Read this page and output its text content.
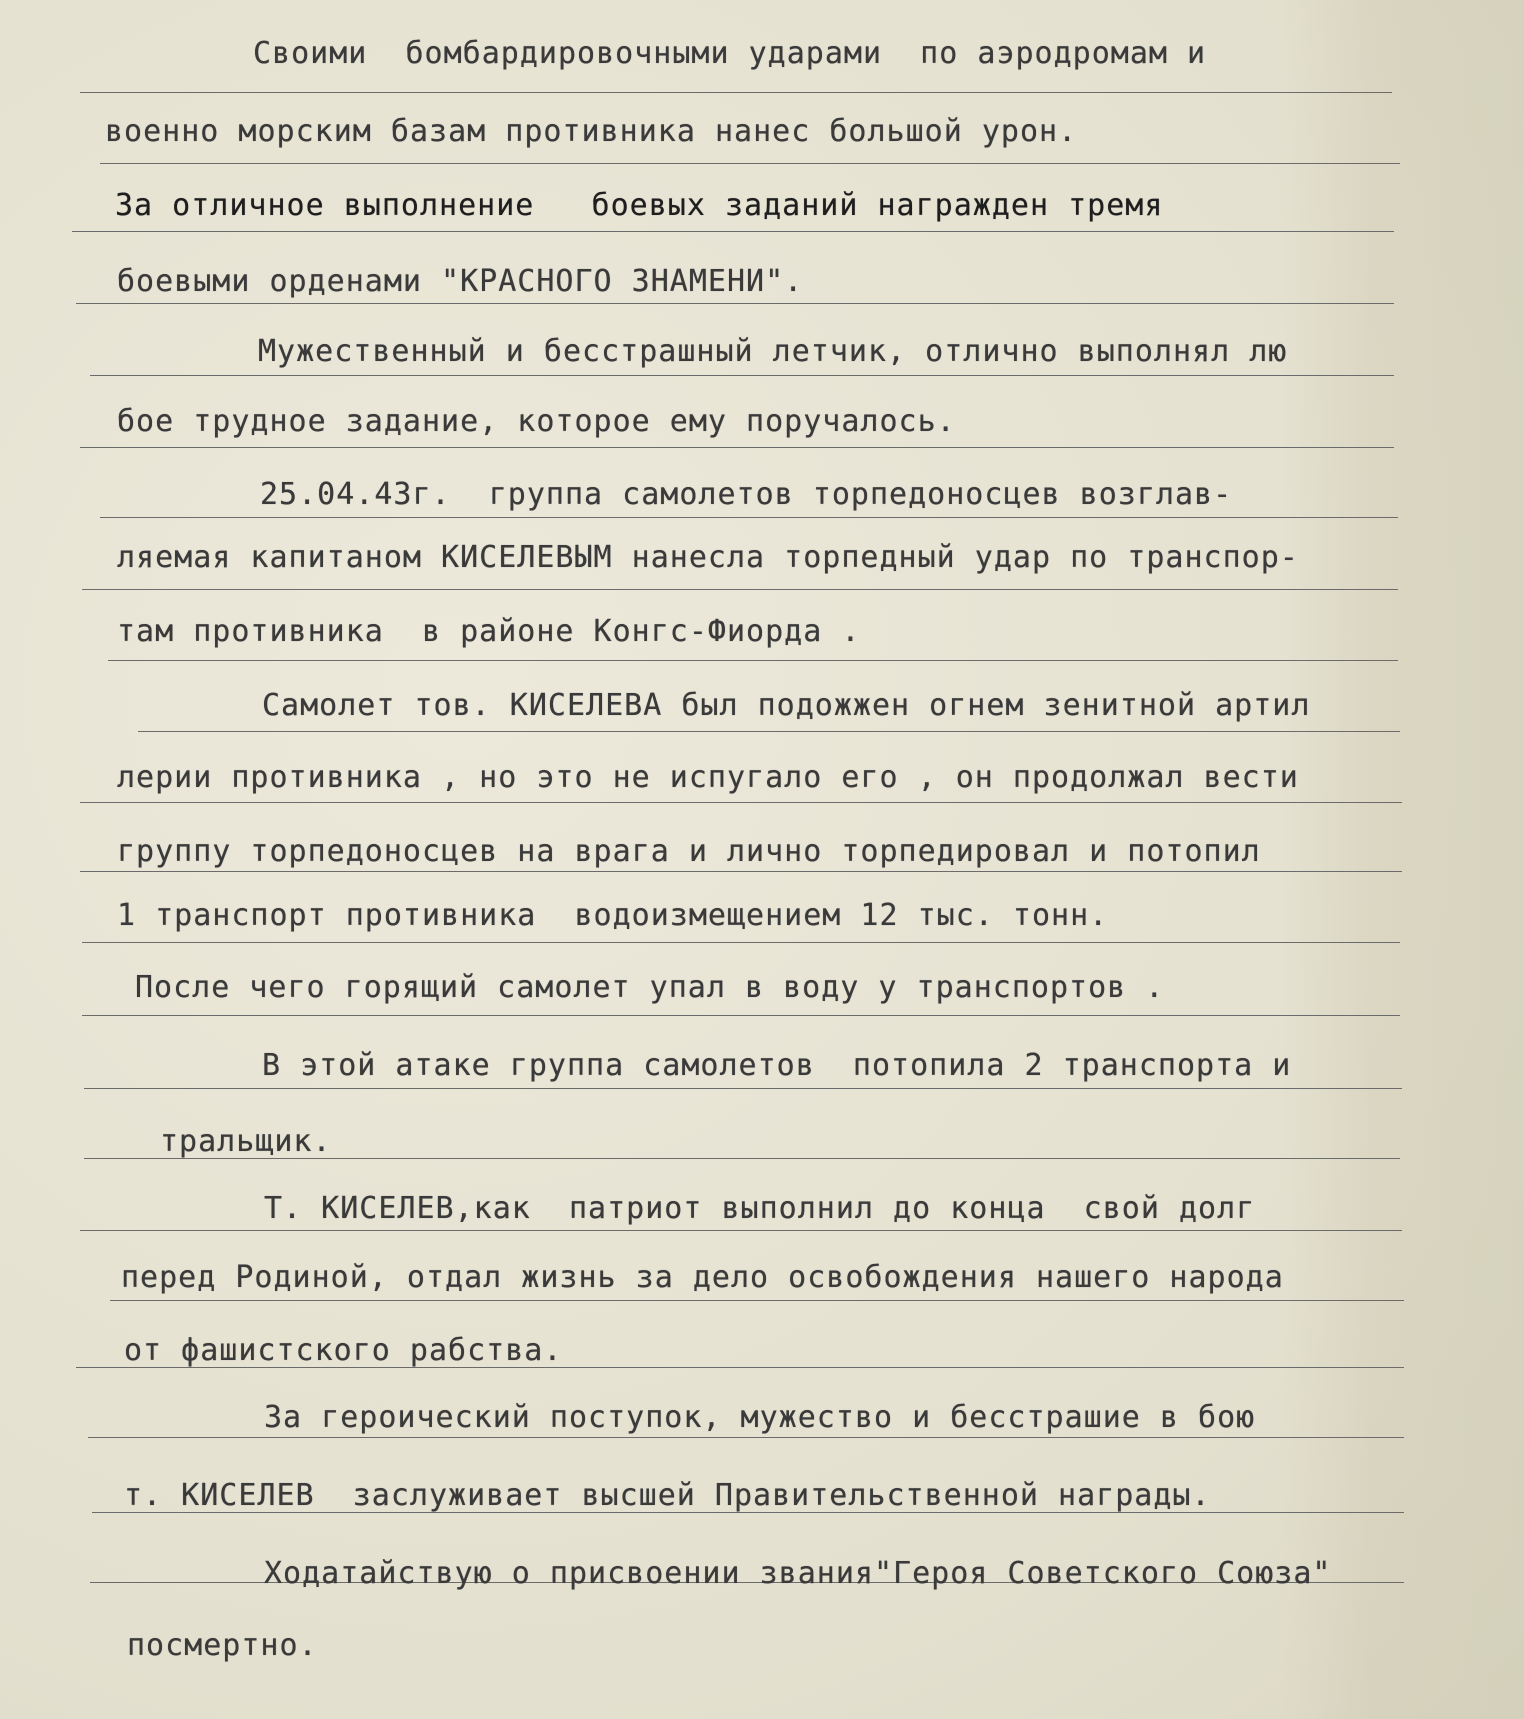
Своими  бомбардировочными ударами  по аэродромам и
военно морским базам противника нанес большой урон.
За отличное выполнение   боевых заданий награжден тремя
боевыми орденами "КРАСНОГО ЗНАМЕНИ".
Мужественный и бесстрашный летчик, отлично выполнял лю
бое трудное задание, которое ему поручалось.
25.04.43г.  группа самолетов торпедоносцев возглав-
ляемая капитаном КИСЕЛЕВЫМ нанесла торпедный удар по транспор-
там противника  в районе Конгс-Фиорда .
Самолет тов. КИСЕЛЕВА был подожжен огнем зенитной артил
лерии противника , но это не испугало его , он продолжал вести
группу торпедоносцев на врага и лично торпедировал и потопил
1 транспорт противника  водоизмещением 12 тыс. тонн.
После чего горящий самолет упал в воду у транспортов .
В этой атаке группа самолетов  потопила 2 транспорта и
тральщик.
Т. КИСЕЛЕВ,как  патриот выполнил до конца  свой долг
перед Родиной, отдал жизнь за дело освобождения нашего народа
от фашистского рабства.
За героический поступок, мужество и бесстрашие в бою
т. КИСЕЛЕВ  заслуживает высшей Правительственной награды.
Ходатайствую о присвоении звания"Героя Советского Союза"
посмертно.
